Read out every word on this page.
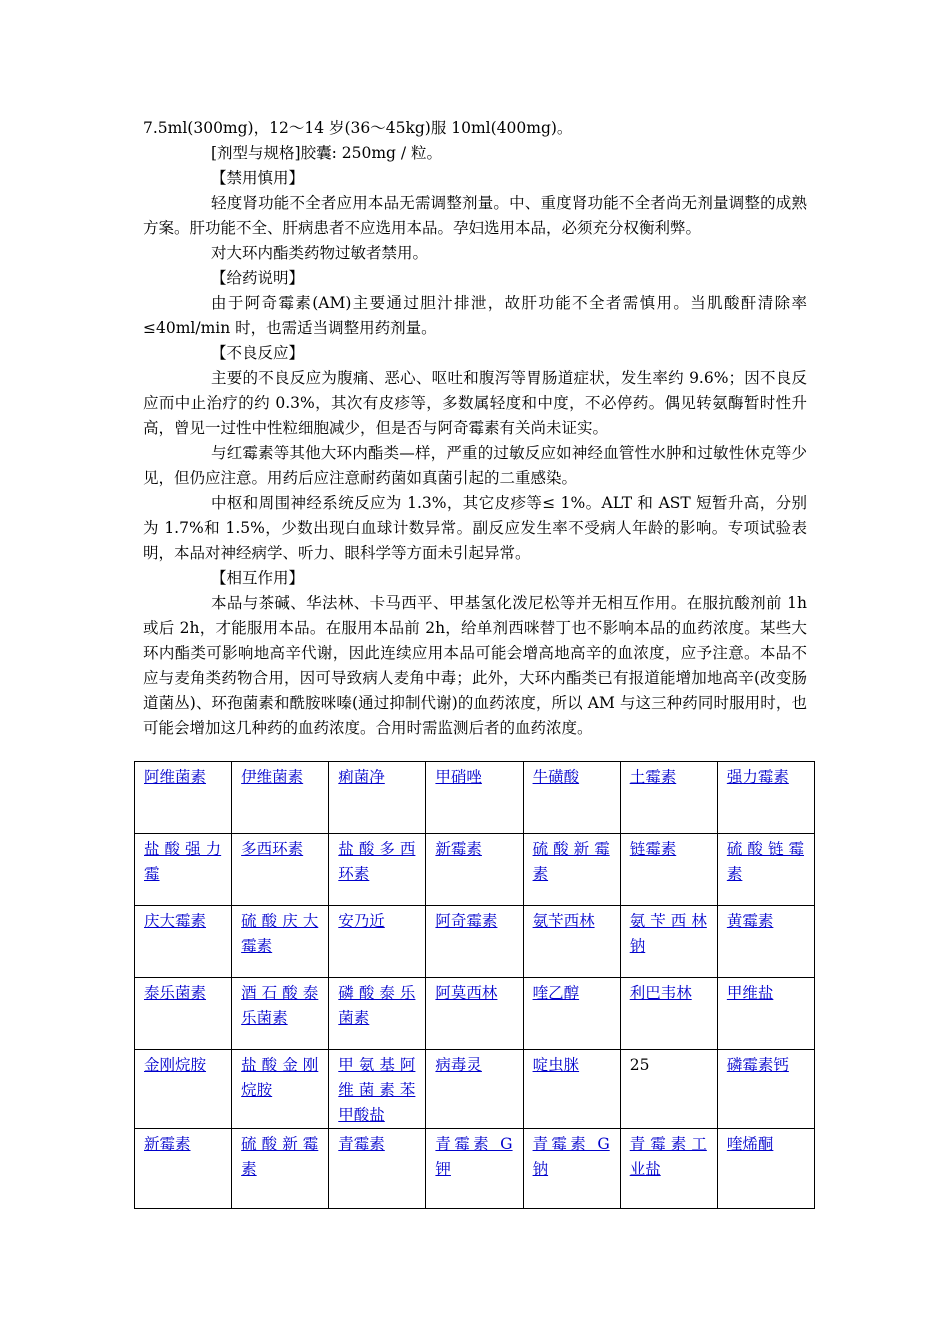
7.5ml(300mg)，12～14 岁(36～45kg)服 10ml(400mg)。

[剂型与规格]胶囊: 250mg / 粒。

【禁用慎用】

轻度肾功能不全者应用本品无需调整剂量。中、重度肾功能不全者尚无剂量调整的成熟方案。肝功能不全、肝病患者不应选用本品。孕妇选用本品，必须充分权衡利弊。

对大环内酯类药物过敏者禁用。

【给药说明】

由于阿奇霉素(AM)主要通过胆汁排泄，故肝功能不全者需慎用。当肌酸酐清除率≤40ml/min 时，也需适当调整用药剂量。

【不良反应】

主要的不良反应为腹痛、恶心、呕吐和腹泻等胃肠道症状，发生率约 9.6%；因不良反应而中止治疗的约 0.3%，其次有皮疹等，多数属轻度和中度，不必停药。偶见转氨酶暂时性升高，曾见一过性中性粒细胞减少，但是否与阿奇霉素有关尚未证实。

与红霉素等其他大环内酯类—样，严重的过敏反应如神经血管性水肿和过敏性休克等少见，但仍应注意。用药后应注意耐药菌如真菌引起的二重感染。

中枢和周围神经系统反应为 1.3%，其它皮疹等≤ 1%。ALT 和 AST 短暂升高，分别为 1.7%和 1.5%，少数出现白血球计数异常。副反应发生率不受病人年龄的影响。专项试验表明，本品对神经病学、听力、眼科学等方面未引起异常。

【相互作用】

本品与茶碱、华法林、卡马西平、甲基氢化泼尼松等并无相互作用。在服抗酸剂前 1h 或后 2h，才能服用本品。在服用本品前 2h，给单剂西咪替丁也不影响本品的血药浓度。某些大环内酯类可影响地高辛代谢，因此连续应用本品可能会增高地高辛的血浓度，应予注意。本品不应与麦角类药物合用，因可导致病人麦角中毒；此外，大环内酯类已有报道能增加地高辛(改变肠道菌丛)、环孢菌素和酰胺咪嗪(通过抑制代谢)的血药浓度，所以 AM 与这三种药同时服用时，也可能会增加这几种药的血药浓度。合用时需监测后者的血药浓度。

阿维菌素	伊维菌素	痢菌净	甲硝唑	牛磺酸	土霉素	强力霉素
盐酸强力霉	多西环素	盐酸多西环素	新霉素	硫酸新霉素	链霉素	硫酸链霉素
庆大霉素	硫酸庆大霉素	安乃近	阿奇霉素	氨苄西林	氨苄西林钠	黄霉素
泰乐菌素	酒石酸泰乐菌素	磷酸泰乐菌素	阿莫西林	喹乙醇	利巴韦林	甲维盐
金刚烷胺	盐酸金刚烷胺	甲氨基阿维菌素苯甲酸盐	病毒灵	啶虫脒	25	磷霉素钙
新霉素	硫酸新霉素	青霉素	青霉素 G 钾	青霉素 G 钠	青霉素工业盐	喹烯酮
